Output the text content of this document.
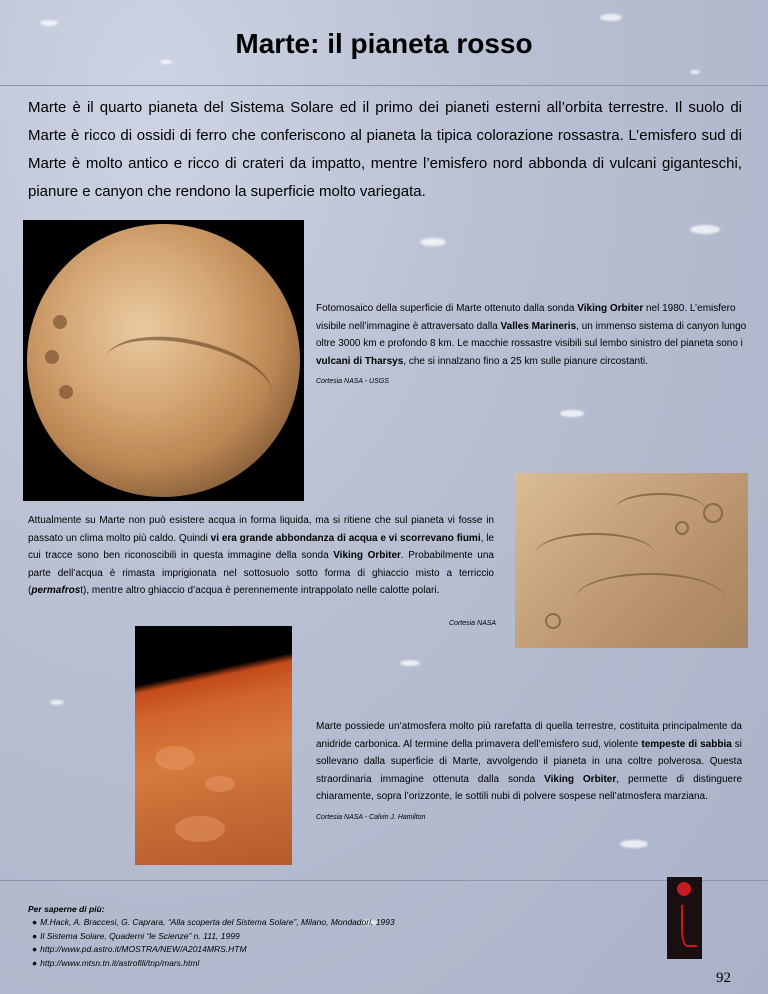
Marte: il pianeta rosso

Marte è il quarto pianeta del Sistema Solare ed il primo dei pianeti esterni all’orbita terrestre. Il suolo di Marte è ricco di ossidi di ferro che conferiscono al pianeta la tipica colorazione rossastra. L’emisfero sud di Marte è molto antico e ricco di crateri da impatto, mentre l’emisfero nord abbonda di vulcani giganteschi, pianure e canyon che rendono la superficie molto variegata.

Fotomosaico della superficie di Marte ottenuto dalla sonda Viking Orbiter nel 1980. L’emisfero visibile nell’immagine è attraversato dalla Valles Marineris, un immenso sistema di canyon lungo oltre 3000 km e profondo 8 km. Le macchie rossastre visibili sul lembo sinistro del pianeta sono i vulcani di Tharsys, che si innalzano fino a 25 km sulle pianure circostanti.

Cortesia NASA - USGS

Attualmente su Marte non può esistere acqua in forma liquida, ma si ritiene che sul pianeta vi fosse in passato un clima molto più caldo. Quindi vi era grande abbondanza di acqua e vi scorrevano fiumi, le cui tracce sono ben riconoscibili in questa immagine della sonda Viking Orbiter. Probabilmente una parte dell’acqua è rimasta imprigionata nel sottosuolo sotto forma di ghiaccio misto a terriccio (permafrost), mentre altro ghiaccio d’acqua è perennemente intrappolato nelle calotte polari.

Cortesia NASA

Marte possiede un’atmosfera molto più rarefatta di quella terrestre, costituita principalmente da anidride carbonica. Al termine della primavera dell’emisfero sud, violente tempeste di sabbia si sollevano dalla superficie di Marte, avvolgendo il pianeta in una coltre polverosa. Questa straordinaria immagine ottenuta dalla sonda Viking Orbiter, permette di distinguere chiaramente, sopra l’orizzonte, le sottili nubi di polvere sospese nell’atmosfera marziana.

Cortesia NASA - Calvin J. Hamilton

Per saperne di più:

● M.Hack, A. Braccesi, G. Caprara, “Alla scoperta del Sistema Solare”, Milano, Mondadori, 1993
● Il Sistema Solare, Quaderni “le Scienze” n. 111, 1999
● http://www.pd.astro.it/MOSTRA/NEW/A2014MRS.HTM
● http://www.mtsn.tn.it/astrofili/tnp/mars.html

92
